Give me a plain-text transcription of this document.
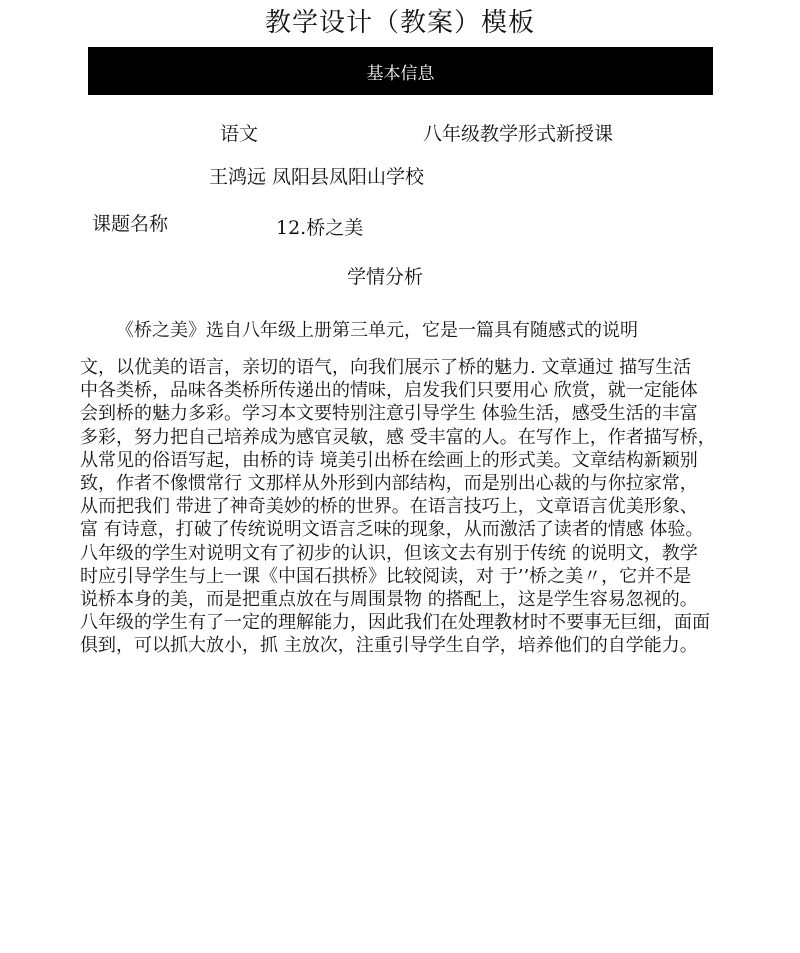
教学设计（教案）模板
基本信息
语文	八年级教学形式新授课
王鸿远 凤阳县凤阳山学校
课题名称	12.桥之美
学情分析
《桥之美》选自八年级上册第三单元，它是一篇具有随感式的说明
文，以优美的语言，亲切的语气，向我们展示了桥的魅力. 文章通过 描写生活
中各类桥，品味各类桥所传递出的情味，启发我们只要用心 欣赏，就一定能体
会到桥的魅力多彩。学习本文要特别注意引导学生 体验生活，感受生活的丰富
多彩，努力把自己培养成为感官灵敏，感 受丰富的人。在写作上，作者描写桥，
从常见的俗语写起，由桥的诗 境美引出桥在绘画上的形式美。文章结构新颖别
致，作者不像惯常行 文那样从外形到内部结构，而是别出心裁的与你拉家常，
从而把我们 带进了神奇美妙的桥的世界。在语言技巧上，文章语言优美形象、
富 有诗意，打破了传统说明文语言乏味的现象，从而激活了读者的情感 体验。
八年级的学生对说明文有了初步的认识，但该文去有别于传统 的说明文，教学
时应引导学生与上一课《中国石拱桥》比较阅读，对 于’’桥之美〃，它并不是
说桥本身的美，而是把重点放在与周围景物 的搭配上，这是学生容易忽视的。
八年级的学生有了一定的理解能力，因此我们在处理教材时不要事无巨细，面面
俱到，可以抓大放小，抓 主放次，注重引导学生自学，培养他们的自学能力。
